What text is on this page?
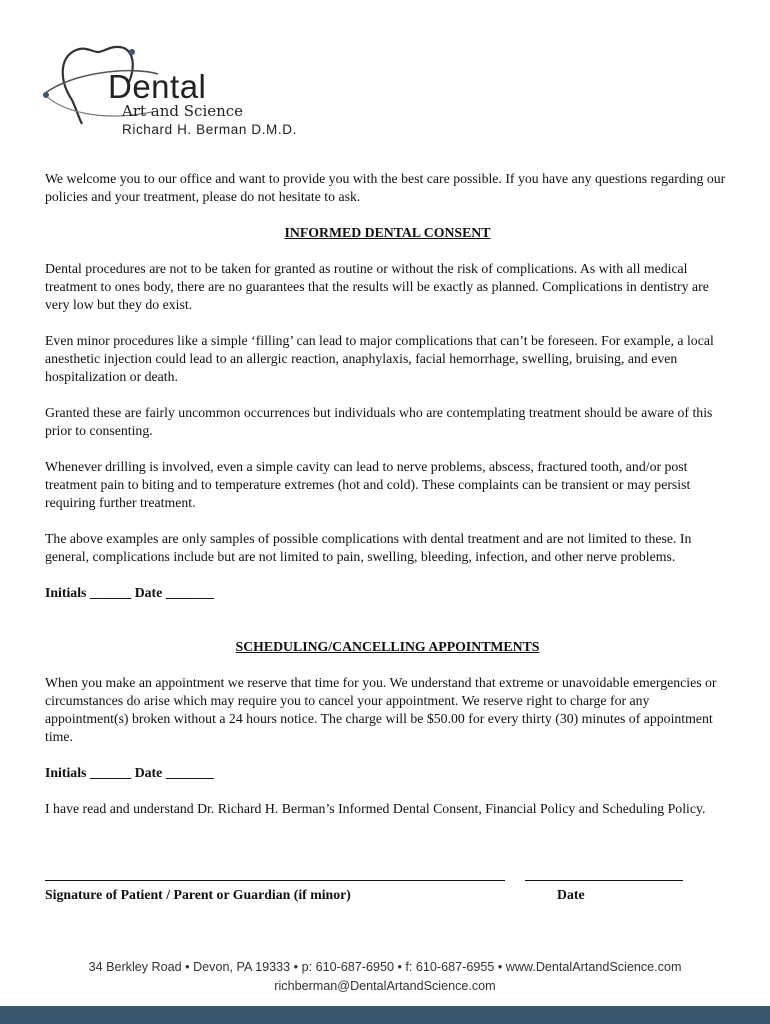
Dental
Art and Science
Richard H. Berman D.M.D.

We welcome you to our office and want to provide you with the best care possible. If you have any questions regarding our policies and your treatment, please do not hesitate to ask.

INFORMED DENTAL CONSENT

Dental procedures are not to be taken for granted as routine or without the risk of complications. As with all medical treatment to ones body, there are no guarantees that the results will be exactly as planned. Complications in dentistry are very low but they do exist.

Even minor procedures like a simple ‘filling’ can lead to major complications that can’t be foreseen. For example, a local anesthetic injection could lead to an allergic reaction, anaphylaxis, facial hemorrhage, swelling, bruising, and even hospitalization or death.

Granted these are fairly uncommon occurrences but individuals who are contemplating treatment should be aware of this prior to consenting.

Whenever drilling is involved, even a simple cavity can lead to nerve problems, abscess, fractured tooth, and/or post treatment pain to biting and to temperature extremes (hot and cold). These complaints can be transient or may persist requiring further treatment.

The above examples are only samples of possible complications with dental treatment and are not limited to these. In general, complications include but are not limited to pain, swelling, bleeding, infection, and other nerve problems.

Initials ______ Date _______

SCHEDULING/CANCELLING APPOINTMENTS

When you make an appointment we reserve that time for you. We understand that extreme or unavoidable emergencies or circumstances do arise which may require you to cancel your appointment. We reserve right to charge for any appointment(s) broken without a 24 hours notice. The charge will be $50.00 for every thirty (30) minutes of appointment time.

Initials ______ Date _______

I have read and understand Dr. Richard H. Berman’s Informed Dental Consent, Financial Policy and Scheduling Policy.

Signature of Patient / Parent or Guardian (if minor)	Date
34 Berkley Road • Devon, PA 19333 • p: 610-687-6950 • f: 610-687-6955 • www.DentalArtandScience.com
richberman@DentalArtandScience.com
